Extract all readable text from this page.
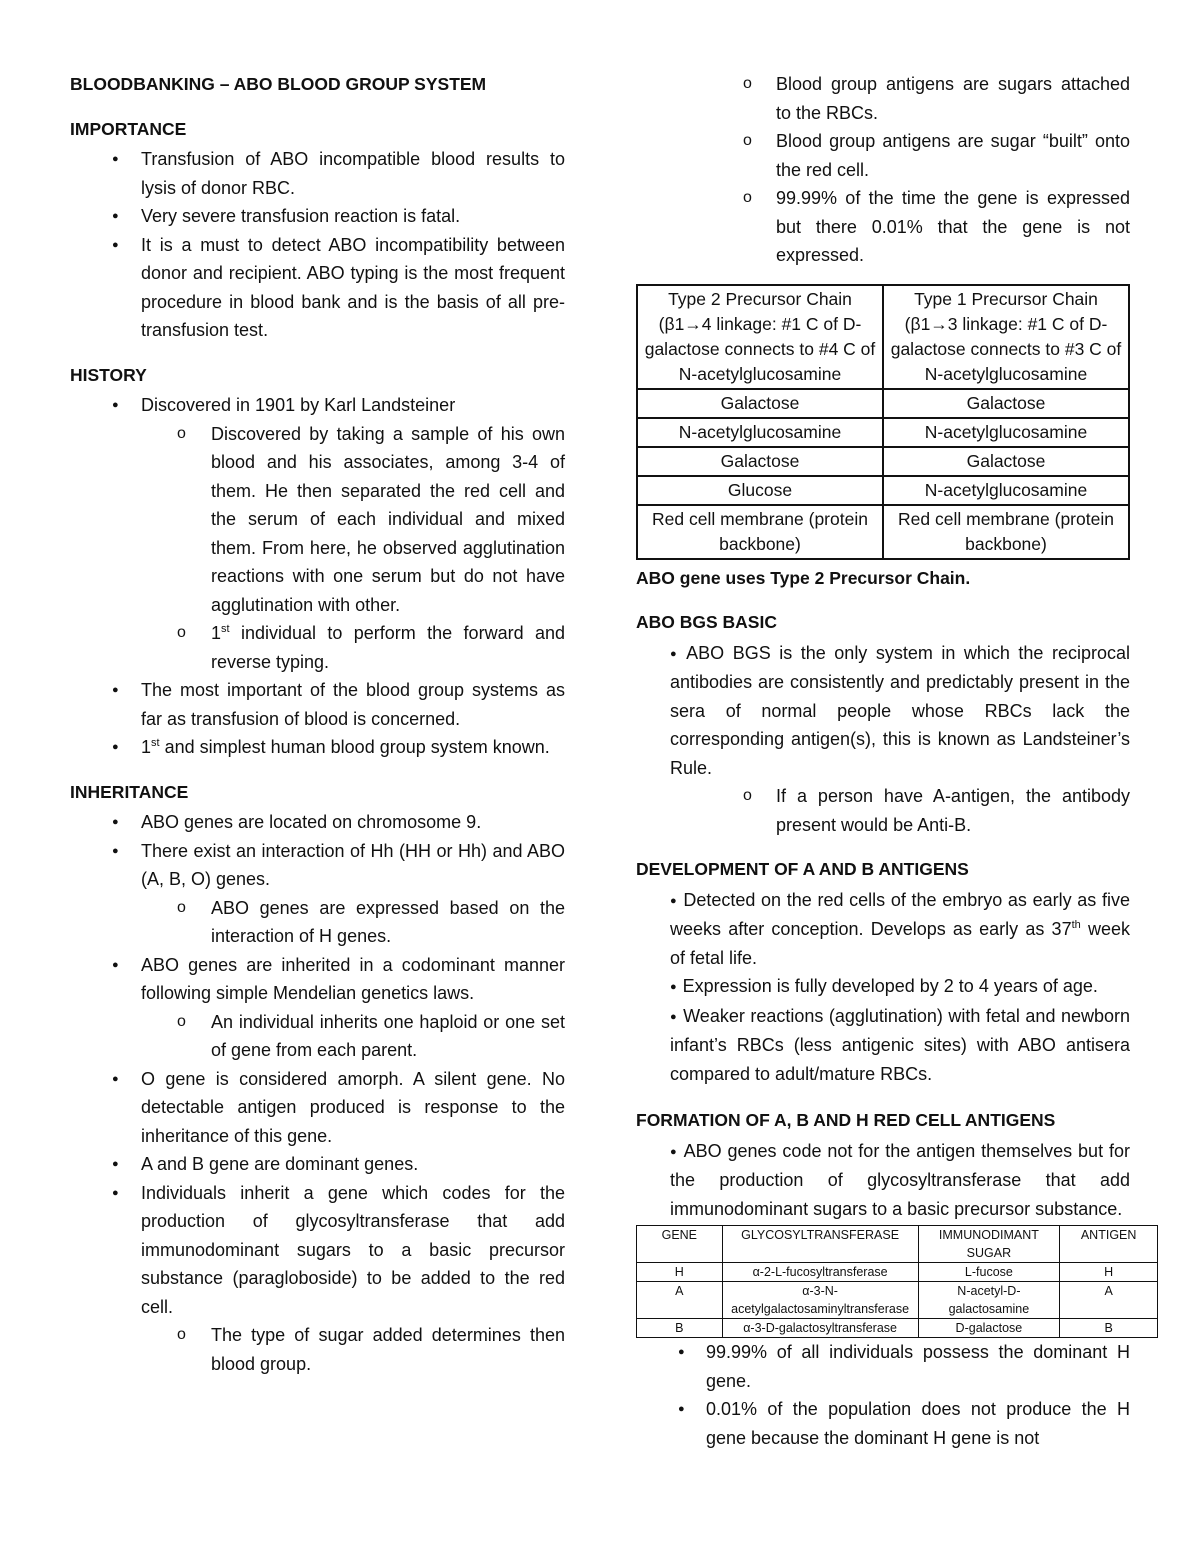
BLOODBANKING – ABO BLOOD GROUP SYSTEM
IMPORTANCE
● Transfusion of ABO incompatible blood results to lysis of donor RBC.
● Very severe transfusion reaction is fatal.
● It is a must to detect ABO incompatibility between donor and recipient. ABO typing is the most frequent procedure in blood bank and is the basis of all pre-transfusion test.
HISTORY
● Discovered in 1901 by Karl Landsteiner
o Discovered by taking a sample of his own blood and his associates, among 3-4 of them. He then separated the red cell and the serum of each individual and mixed them. From here, he observed agglutination reactions with one serum but do not have agglutination with other.
o 1st individual to perform the forward and reverse typing.
● The most important of the blood group systems as far as transfusion of blood is concerned.
● 1st and simplest human blood group system known.
INHERITANCE
● ABO genes are located on chromosome 9.
● There exist an interaction of Hh (HH or Hh) and ABO (A, B, O) genes.
o ABO genes are expressed based on the interaction of H genes.
● ABO genes are inherited in a codominant manner following simple Mendelian genetics laws.
o An individual inherits one haploid or one set of gene from each parent.
● O gene is considered amorph. A silent gene. No detectable antigen produced is response to the inheritance of this gene.
● A and B gene are dominant genes.
● Individuals inherit a gene which codes for the production of glycosyltransferase that add immunodominant sugars to a basic precursor substance (paragloboside) to be added to the red cell.
o The type of sugar added determines then blood group.
o Blood group antigens are sugars attached to the RBCs.
o Blood group antigens are sugar “built” onto the red cell.
o 99.99% of the time the gene is expressed but there 0.01% that the gene is not expressed.
Type 2 Precursor Chain (β1→4 linkage: #1 C of D-galactose connects to #4 C of N-acetylglucosamine	Type 1 Precursor Chain (β1→3 linkage: #1 C of D-galactose connects to #3 C of N-acetylglucosamine
Galactose	Galactose
N-acetylglucosamine	N-acetylglucosamine
Galactose	Galactose
Glucose	N-acetylglucosamine
Red cell membrane (protein backbone)	Red cell membrane (protein backbone)
ABO gene uses Type 2 Precursor Chain.
ABO BGS BASIC
● ABO BGS is the only system in which the reciprocal antibodies are consistently and predictably present in the sera of normal people whose RBCs lack the corresponding antigen(s), this is known as Landsteiner’s Rule.
o If a person have A-antigen, the antibody present would be Anti-B.
DEVELOPMENT OF A AND B ANTIGENS
● Detected on the red cells of the embryo as early as five weeks after conception. Develops as early as 37th week of fetal life.
● Expression is fully developed by 2 to 4 years of age.
● Weaker reactions (agglutination) with fetal and newborn infant’s RBCs (less antigenic sites) with ABO antisera compared to adult/mature RBCs.
FORMATION OF A, B AND H RED CELL ANTIGENS
● ABO genes code not for the antigen themselves but for the production of glycosyltransferase that add immunodominant sugars to a basic precursor substance.
GENE	GLYCOSYLTRANSFERASE	IMMUNODIMANT SUGAR	ANTIGEN
H	α-2-L-fucosyltransferase	L-fucose	H
A	α-3-N-acetylgalactosaminyltransferase	N-acetyl-D-galactosamine	A
B	α-3-D-galactosyltransferase	D-galactose	B
● 99.99% of all individuals possess the dominant H gene.
● 0.01% of the population does not produce the H gene because the dominant H gene is not
